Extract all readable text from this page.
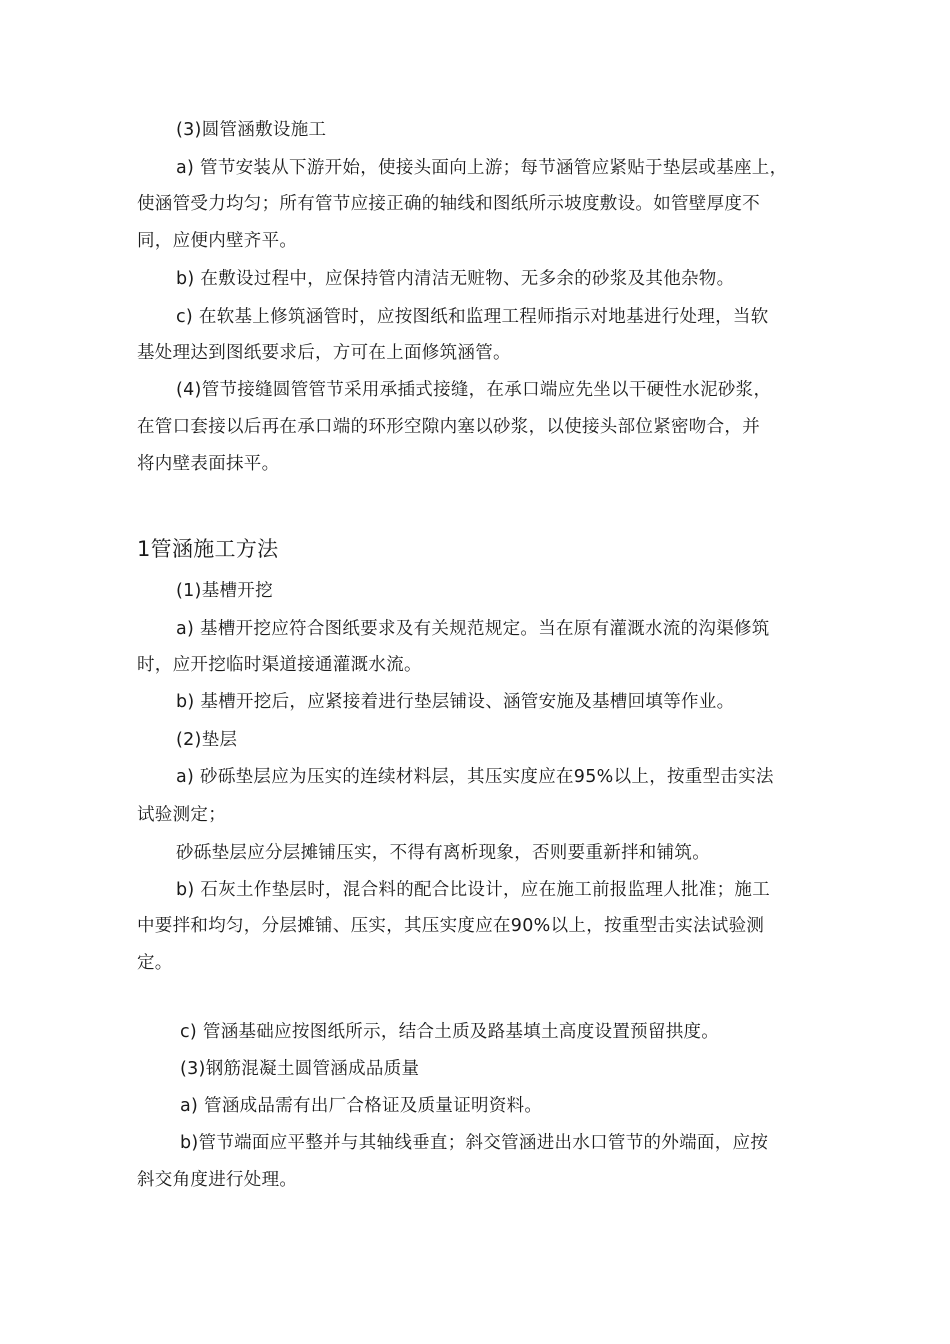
(3)圆管涵敷设施工
a) 管节安装从下游开始，使接头面向上游；每节涵管应紧贴于垫层或基座上，
使涵管受力均匀；所有管节应接正确的轴线和图纸所示坡度敷设。如管壁厚度不
同，应便内壁齐平。
b) 在敷设过程中，应保持管内清洁无赃物、无多余的砂浆及其他杂物。
c) 在软基上修筑涵管时，应按图纸和监理工程师指示对地基进行处理，当软
基处理达到图纸要求后，方可在上面修筑涵管。
(4)管节接缝圆管管节采用承插式接缝，在承口端应先坐以干硬性水泥砂浆，
在管口套接以后再在承口端的环形空隙内塞以砂浆，以使接头部位紧密吻合，并
将内壁表面抹平。
1管涵施工方法
(1)基槽开挖
a) 基槽开挖应符合图纸要求及有关规范规定。当在原有灌溉水流的沟渠修筑
时，应开挖临时渠道接通灌溉水流。
b) 基槽开挖后，应紧接着进行垫层铺设、涵管安施及基槽回填等作业。
(2)垫层
a) 砂砾垫层应为压实的连续材料层，其压实度应在95%以上，按重型击实法
试验测定；
砂砾垫层应分层摊铺压实，不得有离析现象，否则要重新拌和铺筑。
b) 石灰土作垫层时，混合料的配合比设计，应在施工前报监理人批准；施工
中要拌和均匀，分层摊铺、压实，其压实度应在90%以上，按重型击实法试验测
定。
c) 管涵基础应按图纸所示，结合土质及路基填土高度设置预留拱度。
(3)钢筋混凝土圆管涵成品质量
a) 管涵成品需有出厂合格证及质量证明资料。
b)管节端面应平整并与其轴线垂直；斜交管涵进出水口管节的外端面，应按
斜交角度进行处理。
